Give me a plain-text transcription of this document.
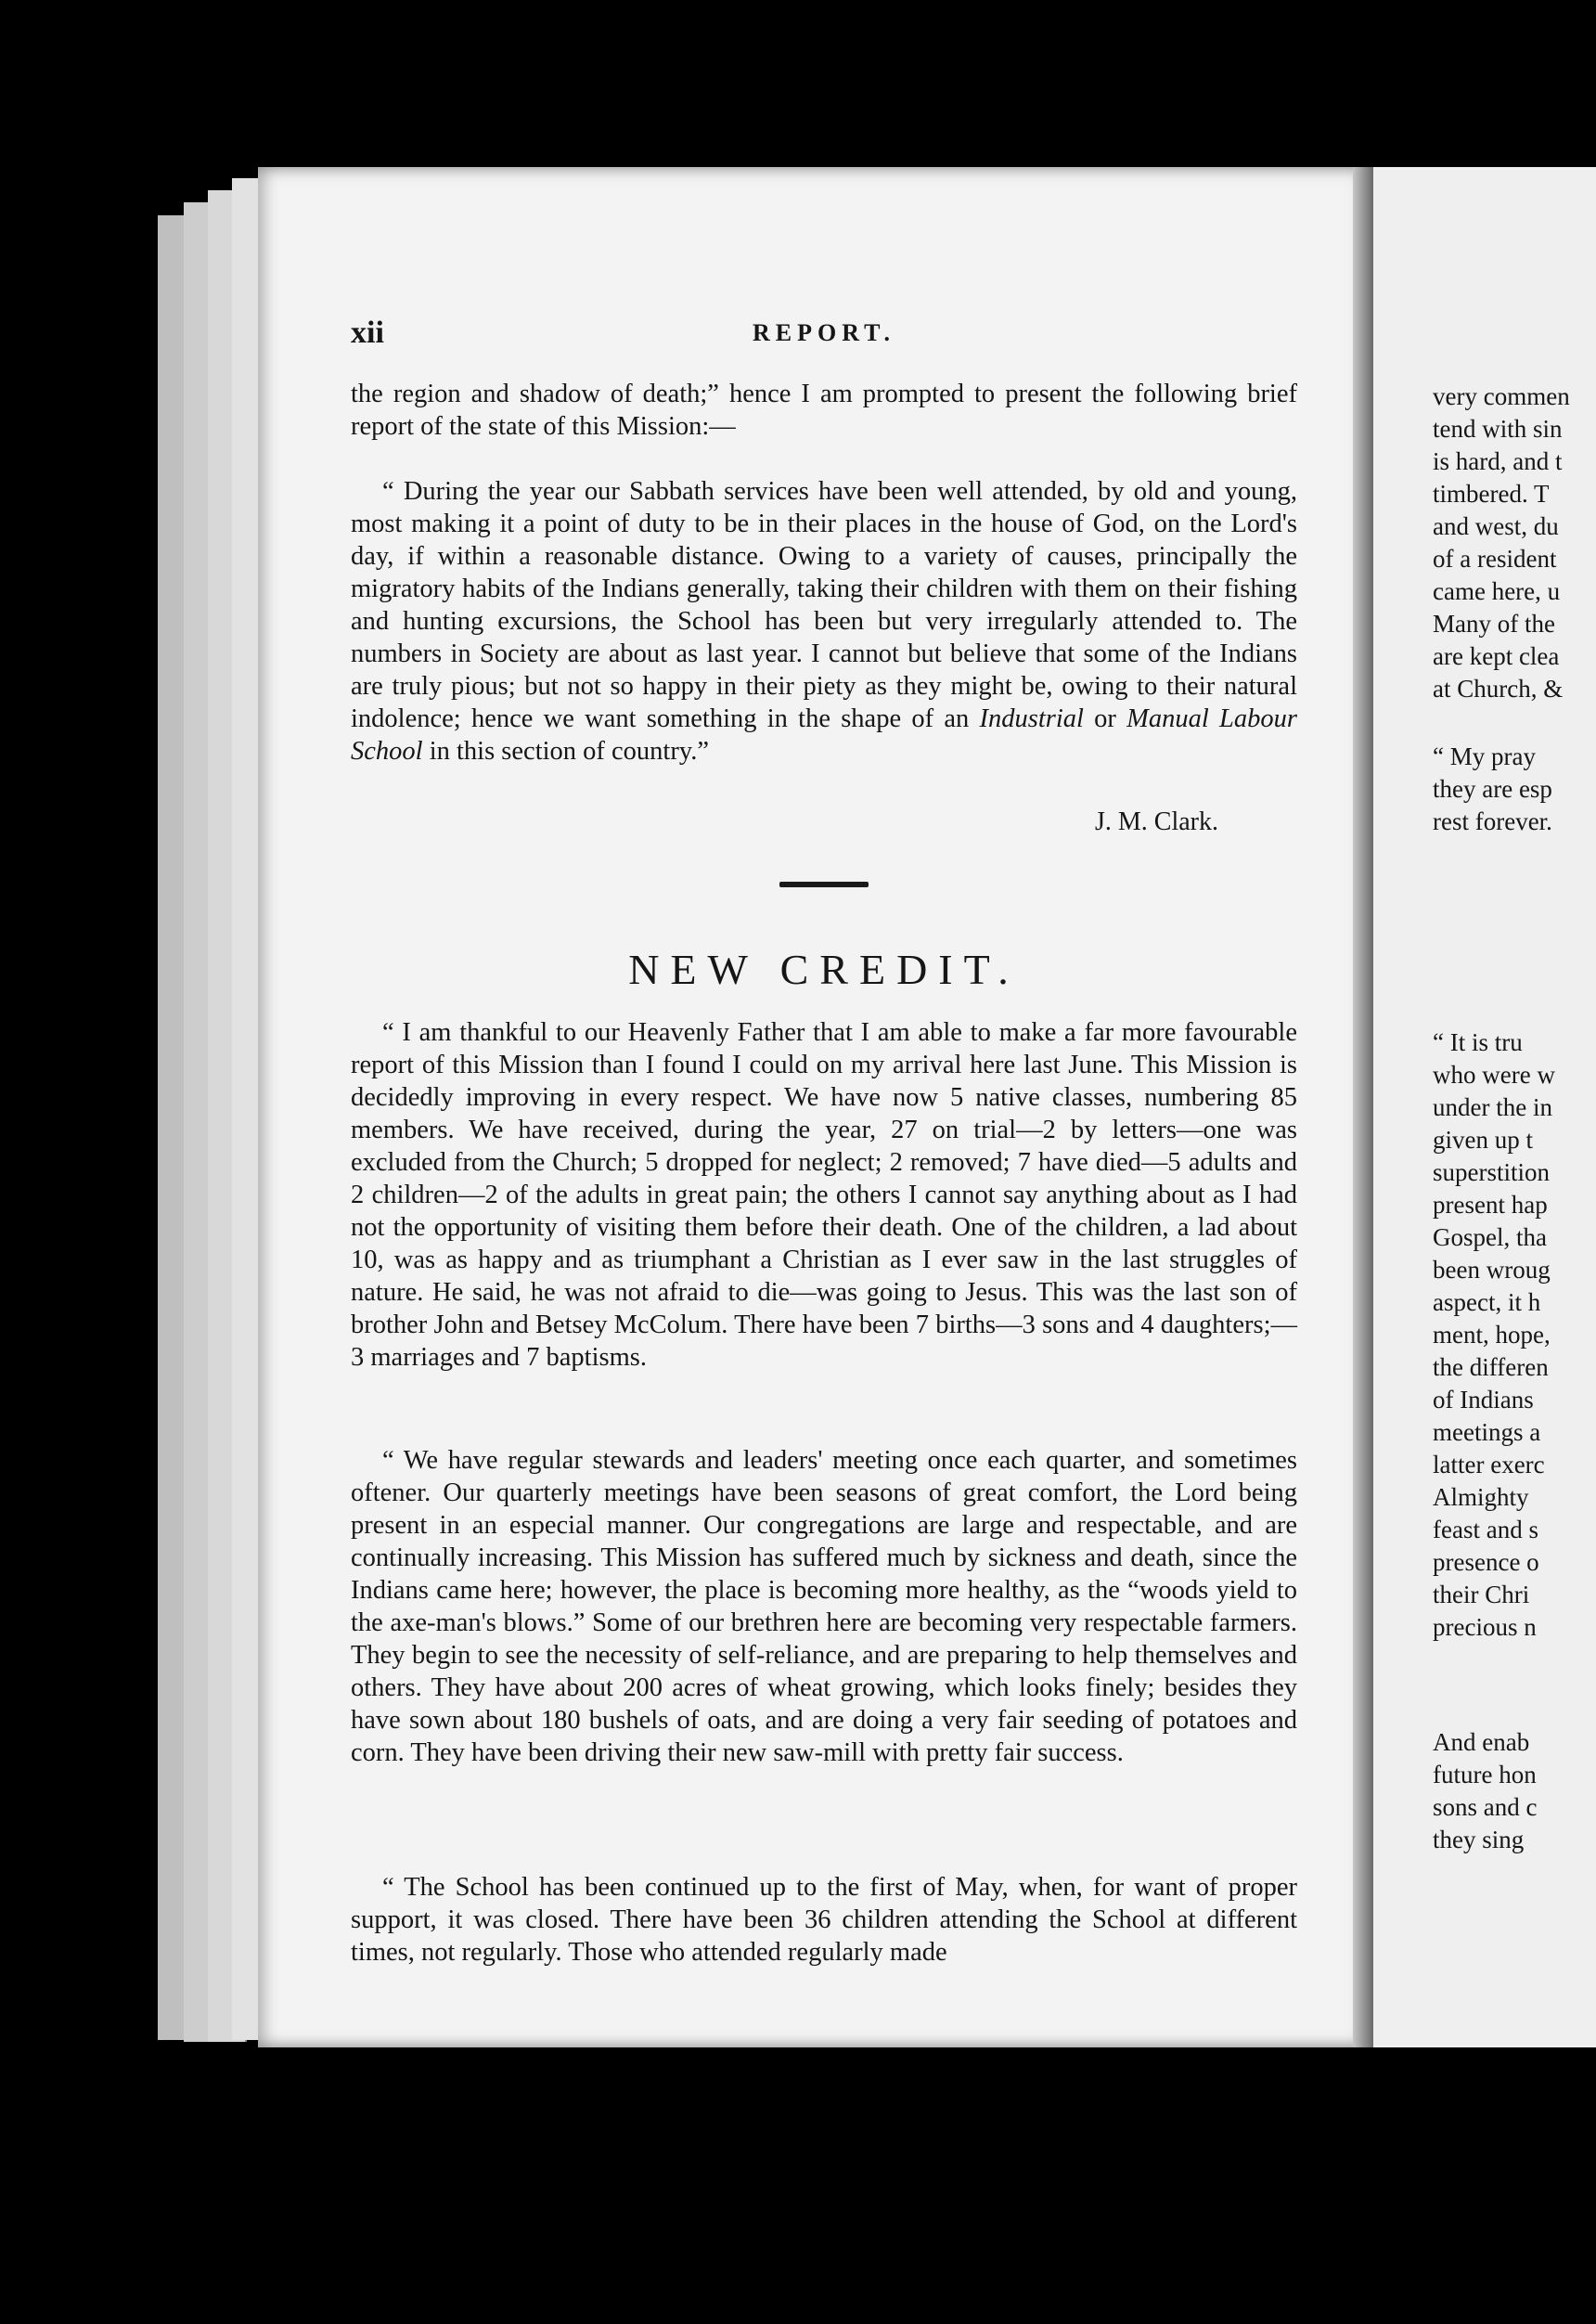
xii	REPORT.

the region and shadow of death;” hence I am prompted to present the following brief report of the state of this Mission:—

“ During the year our Sabbath services have been well attended, by old and young, most making it a point of duty to be in their places in the house of God, on the Lord's day, if within a reasonable distance. Owing to a variety of causes, principally the migratory habits of the Indians generally, taking their children with them on their fishing and hunting excursions, the School has been but very irregularly attended to. The numbers in Society are about as last year. I cannot but believe that some of the Indians are truly pious; but not so happy in their piety as they might be, owing to their natural indolence; hence we want something in the shape of an Industrial or Manual Labour School in this section of country.”

J. M. Clark.
NEW CREDIT.

“ I am thankful to our Heavenly Father that I am able to make a far more favourable report of this Mission than I found I could on my arrival here last June. This Mission is decidedly improving in every respect. We have now 5 native classes, numbering 85 members. We have received, during the year, 27 on trial—2 by letters—one was excluded from the Church; 5 dropped for neglect; 2 removed; 7 have died—5 adults and 2 children—2 of the adults in great pain; the others I cannot say anything about as I had not the opportunity of visiting them before their death. One of the children, a lad about 10, was as happy and as triumphant a Christian as I ever saw in the last struggles of nature. He said, he was not afraid to die—was going to Jesus. This was the last son of brother John and Betsey McColum. There have been 7 births—3 sons and 4 daughters;—3 marriages and 7 baptisms.

“ We have regular stewards and leaders' meeting once each quarter, and sometimes oftener. Our quarterly meetings have been seasons of great comfort, the Lord being present in an especial manner. Our congregations are large and respectable, and are continually increasing. This Mission has suffered much by sickness and death, since the Indians came here; however, the place is becoming more healthy, as the “woods yield to the axe-man's blows.” Some of our brethren here are becoming very respectable farmers. They begin to see the necessity of self-reliance, and are preparing to help themselves and others. They have about 200 acres of wheat growing, which looks finely; besides they have sown about 180 bushels of oats, and are doing a very fair seeding of potatoes and corn. They have been driving their new saw-mill with pretty fair success.

“ The School has been continued up to the first of May, when, for want of proper support, it was closed. There have been 36 children attending the School at different times, not regularly. Those who attended regularly made

very commen
tend with sin
is hard, and t
timbered. T
and west, du
of a resident
came here, u
Many of the
are kept clea
at Church, &
“ My pray
they are esp
rest forever.
“ It is tru
who were w
under the in
given up t
superstition
present hap
Gospel, tha
been wroug
aspect, it h
ment, hope,
the differen
of Indians
meetings a
latter exerc
Almighty
feast and s
presence o
their Chri
precious n
And enab
future hon
sons and c
they sing
